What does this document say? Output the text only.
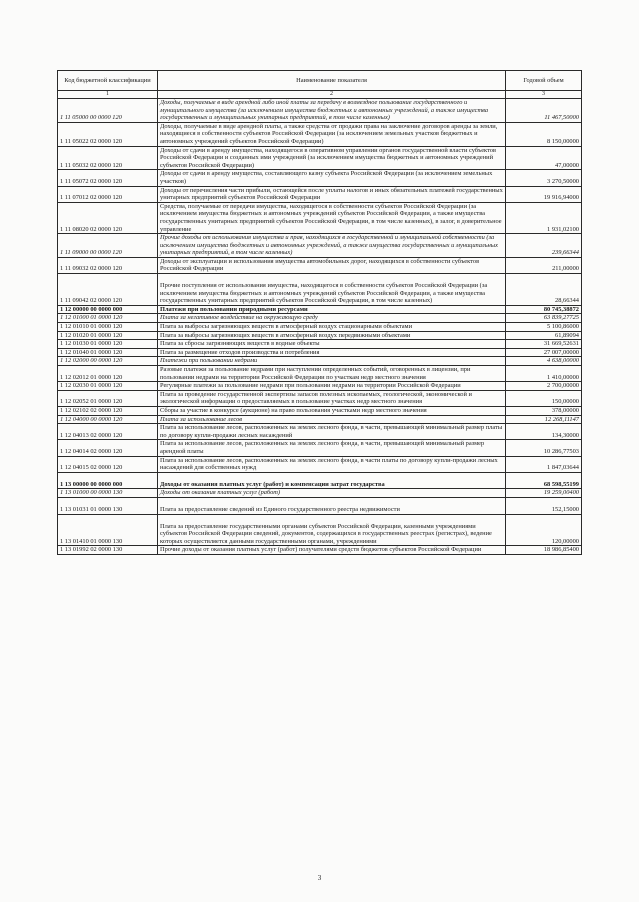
Код бюджетной классификации	Наименование показателя	Годовой объем
1	2	3
1 11 05000 00 0000 120	Доходы, получаемые в виде арендной либо иной платы за передачу в возмездное пользование государственного и муниципального имущества (за исключением имущества бюджетных и автономных учреждений, а также имущества государственных и муниципальных унитарных предприятий, в том числе казенных)	11 467,50000
1 11 05022 02 0000 120	Доходы, получаемые в виде арендной платы, а также средства от продажи права на заключение договоров аренды за земли, находящиеся в собственности субъектов Российской Федерации (за исключением земельных участков бюджетных и автономных учреждений субъектов Российской Федерации)	8 150,00000
1 11 05032 02 0000 120	Доходы от сдачи в аренду имущества, находящегося в оперативном управлении органов государственной власти субъектов Российской Федерации и созданных ими учреждений (за исключением имущества бюджетных и автономных учреждений субъектов Российской Федерации)	47,00000
1 11 05072 02 0000 120	Доходы от сдачи в аренду имущества, составляющего казну субъекта Российской Федерации (за исключением земельных участков)	3 270,50000
1 11 07012 02 0000 120	Доходы от перечисления части прибыли, остающейся после уплаты налогов и иных обязательных платежей государственных унитарных предприятий субъектов Российской Федерации	19 916,94000
1 11 08020 02 0000 120	Средства, получаемые от передачи имущества, находящегося в собственности субъектов Российской Федерации (за исключением имущества бюджетных и автономных учреждений субъектов Российской Федерации, а также имущества государственных унитарных предприятий субъектов Российской Федерации, в том числе казенных), в залог, в доверительное управление	1 931,02100
1 11 09000 00 0000 120	Прочие доходы от использования имущества и прав, находящихся в государственной и муниципальной собственности (за исключением имущества бюджетных и автономных учреждений, а также имущества государственных и муниципальных унитарных предприятий, в том числе казенных)	239,66344
1 11 09032 02 0000 120	Доходы от эксплуатации и использования имущества автомобильных дорог, находящихся в собственности субъектов Российской Федерации	211,00000
1 11 09042 02 0000 120	Прочие поступления от использования имущества, находящегося в собственности субъектов Российской Федерации (за исключением имущества бюджетных и автономных учреждений субъектов Российской Федерации, а также имущества государственных унитарных предприятий субъектов Российской Федерации, в том числе казенных)	28,66344
1 12 00000 00 0000 000	Платежи при пользовании природными ресурсами	80 745,38872
1 12 01000 01 0000 120	Плата за негативное воздействие на окружающую среду	63 839,27725
1 12 01010 01 0000 120	Плата за выбросы загрязняющих веществ в атмосферный воздух стационарными объектами	5 100,86000
1 12 01020 01 0000 120	Плата за выбросы загрязняющих веществ в атмосферный воздух передвижными объектами	61,89094
1 12 01030 01 0000 120	Плата за сбросы загрязняющих веществ в водные объекты	31 669,52631
1 12 01040 01 0000 120	Плата за размещение отходов производства и потребления	27 007,00000
1 12 02000 00 0000 120	Платежи при пользовании недрами	4 638,00000
1 12 02012 01 0000 120	Разовые платежи за пользование недрами при наступлении определенных событий, оговоренных в лицензии, при пользовании недрами на территории Российской Федерации по участкам недр местного значения	1 410,00000
1 12 02030 01 0000 120	Регулярные платежи за пользование недрами при пользовании недрами на территории Российской Федерации	2 700,00000
1 12 02052 01 0000 120	Плата за проведение государственной экспертизы запасов полезных ископаемых, геологической, экономической и экологической информации о предоставляемых в пользование участках недр местного значения	150,00000
1 12 02102 02 0000 120	Сборы за участие в конкурсе (аукционе) на право пользования участками недр местного значения	378,00000
1 12 04000 00 0000 120	Плата за использование лесов	12 268,11147
1 12 04013 02 0000 120	Плата за использование лесов, расположенных на землях лесного фонда, в части, превышающей минимальный размер платы по договору купли-продажи лесных насаждений	134,30000
1 12 04014 02 0000 120	Плата за использование лесов, расположенных на землях лесного фонда, в части, превышающей минимальный размер арендной платы	10 286,77503
1 12 04015 02 0000 120	Плата за использование лесов, расположенных на землях лесного фонда, в части платы по договору купли-продажи лесных насаждений для собственных нужд	1 847,03644
1 13 00000 00 0000 000	Доходы от оказания платных услуг (работ) и компенсации затрат государства	68 598,55199
1 13 01000 00 0000 130	Доходы от оказания платных услуг (работ)	19 259,00400
1 13 01031 01 0000 130	Плата за предоставление сведений из Единого государственного реестра недвижимости	152,15000
1 13 01410 01 0000 130	Плата за предоставление государственными органами субъектов Российской Федерации, казенными учреждениями субъектов Российской Федерации сведений, документов, содержащихся в государственных реестрах (регистрах), ведение которых осуществляется данными государственными органами, учреждениями	120,00000
1 13 01992 02 0000 130	Прочие доходы от оказания платных услуг (работ) получателями средств бюджетов субъектов Российской Федерации	18 986,85400
3
